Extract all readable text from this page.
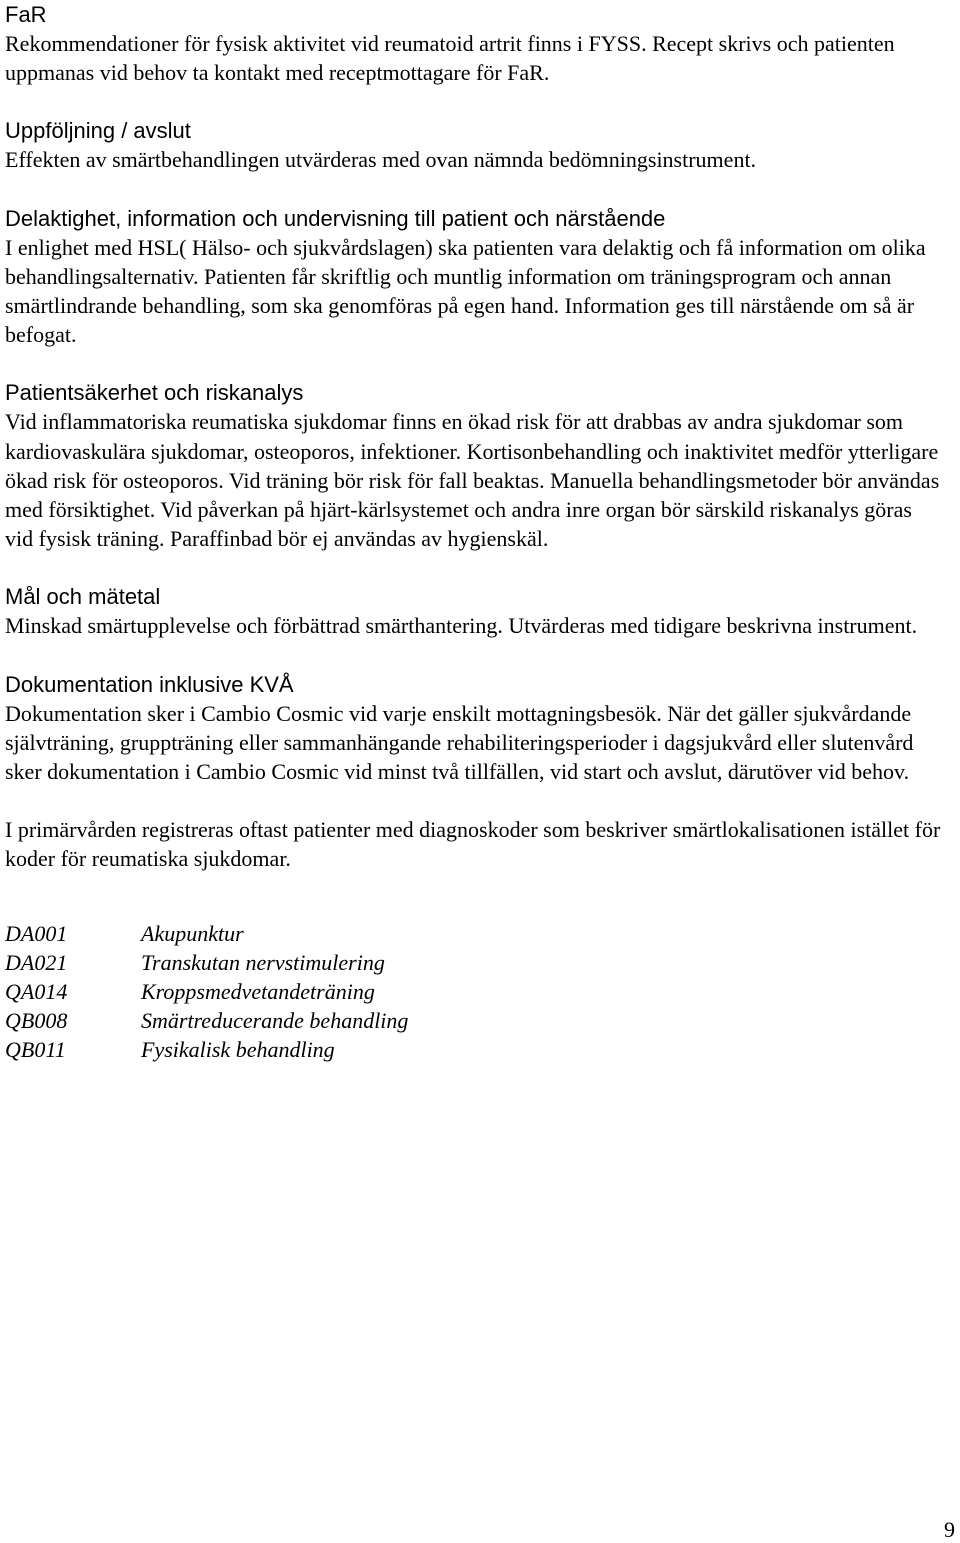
FaR

Rekommendationer för fysisk aktivitet vid reumatoid artrit finns i FYSS. Recept skrivs och patienten uppmanas vid behov ta kontakt med receptmottagare för FaR.

Uppföljning / avslut

Effekten av smärtbehandlingen utvärderas med ovan nämnda bedömningsinstrument.

Delaktighet, information och undervisning till patient och närstående

I enlighet med HSL( Hälso- och sjukvårdslagen) ska patienten vara delaktig och få information om olika behandlingsalternativ. Patienten får skriftlig och muntlig information om träningsprogram och annan smärtlindrande behandling, som ska genomföras på egen hand. Information ges till närstående om så är befogat.

Patientsäkerhet och riskanalys

Vid inflammatoriska reumatiska sjukdomar finns en ökad risk för att drabbas av andra sjukdomar som kardiovaskulära sjukdomar, osteoporos, infektioner. Kortisonbehandling och inaktivitet medför ytterligare ökad risk för osteoporos. Vid träning bör risk för fall beaktas. Manuella behandlingsmetoder bör användas med försiktighet. Vid påverkan på hjärt-kärlsystemet och andra inre organ bör särskild riskanalys göras vid fysisk träning. Paraffinbad bör ej användas av hygienskäl.

Mål och mätetal

Minskad smärtupplevelse och förbättrad smärthantering. Utvärderas med tidigare beskrivna instrument.

Dokumentation inklusive KVÅ

Dokumentation sker i Cambio Cosmic vid varje enskilt mottagningsbesök. När det gäller sjukvårdande självträning, gruppträning eller sammanhängande rehabiliteringsperioder i dagsjukvård eller slutenvård sker dokumentation i Cambio Cosmic vid minst två tillfällen, vid start och avslut, därutöver vid behov.

I primärvården registreras oftast patienter med diagnoskoder som beskriver smärtlokalisationen istället för koder för reumatiska sjukdomar.

DA001	Akupunktur
DA021	Transkutan nervstimulering
QA014	Kroppsmedvetandeträning
QB008	Smärtreducerande behandling
QB011	Fysikalisk behandling
9
